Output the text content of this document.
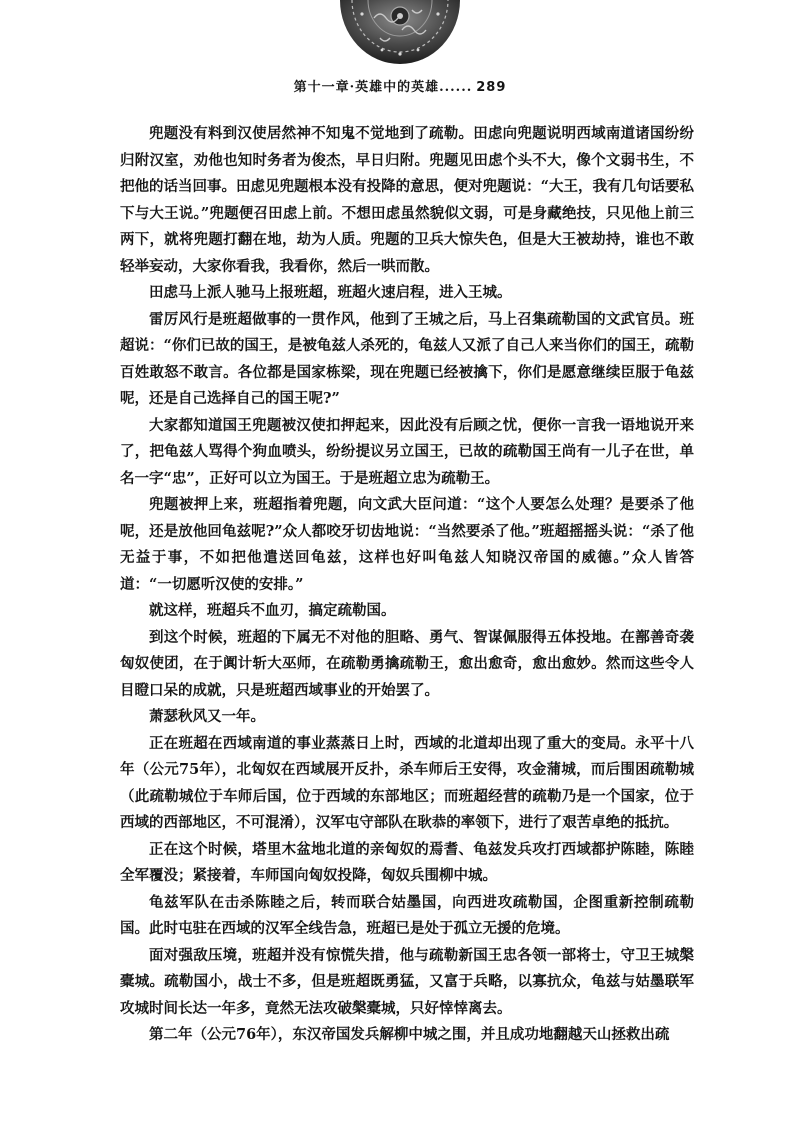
第十一章·英雄中的英雄...... 289

兜题没有料到汉使居然神不知鬼不觉地到了疏勒。田虑向兜题说明西域南道诸国纷纷归附汉室，劝他也知时务者为俊杰，早日归附。兜题见田虑个头不大，像个文弱书生，不把他的话当回事。田虑见兜题根本没有投降的意思，便对兜题说：“大王，我有几句话要私下与大王说。”兜题便召田虑上前。不想田虑虽然貌似文弱，可是身藏绝技，只见他上前三两下，就将兜题打翻在地，劫为人质。兜题的卫兵大惊失色，但是大王被劫持，谁也不敢轻举妄动，大家你看我，我看你，然后一哄而散。

田虑马上派人驰马上报班超，班超火速启程，进入王城。

雷厉风行是班超做事的一贯作风，他到了王城之后，马上召集疏勒国的文武官员。班超说：“你们已故的国王，是被龟兹人杀死的，龟兹人又派了自己人来当你们的国王，疏勒百姓敢怒不敢言。各位都是国家栋梁，现在兜题已经被擒下，你们是愿意继续臣服于龟兹呢，还是自己选择自己的国王呢?”

大家都知道国王兜题被汉使扣押起来，因此没有后顾之忧，便你一言我一语地说开来了，把龟兹人骂得个狗血喷头，纷纷提议另立国王，已故的疏勒国王尚有一儿子在世，单名一字“忠”，正好可以立为国王。于是班超立忠为疏勒王。

兜题被押上来，班超指着兜题，向文武大臣问道：“这个人要怎么处理？是要杀了他呢，还是放他回龟兹呢?”众人都咬牙切齿地说：“当然要杀了他。”班超摇摇头说：“杀了他无益于事，不如把他遣送回龟兹，这样也好叫龟兹人知晓汉帝国的威德。”众人皆答道：“一切愿听汉使的安排。”

就这样，班超兵不血刃，搞定疏勒国。

到这个时候，班超的下属无不对他的胆略、勇气、智谋佩服得五体投地。在鄯善奇袭匈奴使团，在于阗计斩大巫师，在疏勒勇擒疏勒王，愈出愈奇，愈出愈妙。然而这些令人目瞪口呆的成就，只是班超西域事业的开始罢了。

萧瑟秋风又一年。

正在班超在西域南道的事业蒸蒸日上时，西域的北道却出现了重大的变局。永平十八年（公元75年），北匈奴在西域展开反扑，杀车师后王安得，攻金蒲城，而后围困疏勒城（此疏勒城位于车师后国，位于西域的东部地区；而班超经营的疏勒乃是一个国家，位于西域的西部地区，不可混淆），汉军屯守部队在耿恭的率领下，进行了艰苦卓绝的抵抗。

正在这个时候，塔里木盆地北道的亲匈奴的焉耆、龟兹发兵攻打西域都护陈睦，陈睦全军覆没；紧接着，车师国向匈奴投降，匈奴兵围柳中城。

龟兹军队在击杀陈睦之后，转而联合姑墨国，向西进攻疏勒国，企图重新控制疏勒国。此时屯驻在西域的汉军全线告急，班超已是处于孤立无援的危境。

面对强敌压境，班超并没有惊慌失措，他与疏勒新国王忠各领一部将士，守卫王城槃橐城。疏勒国小，战士不多，但是班超既勇猛，又富于兵略，以寡抗众，龟兹与姑墨联军攻城时间长达一年多，竟然无法攻破槃橐城，只好悻悻离去。

第二年（公元76年），东汉帝国发兵解柳中城之围，并且成功地翻越天山拯救出疏
